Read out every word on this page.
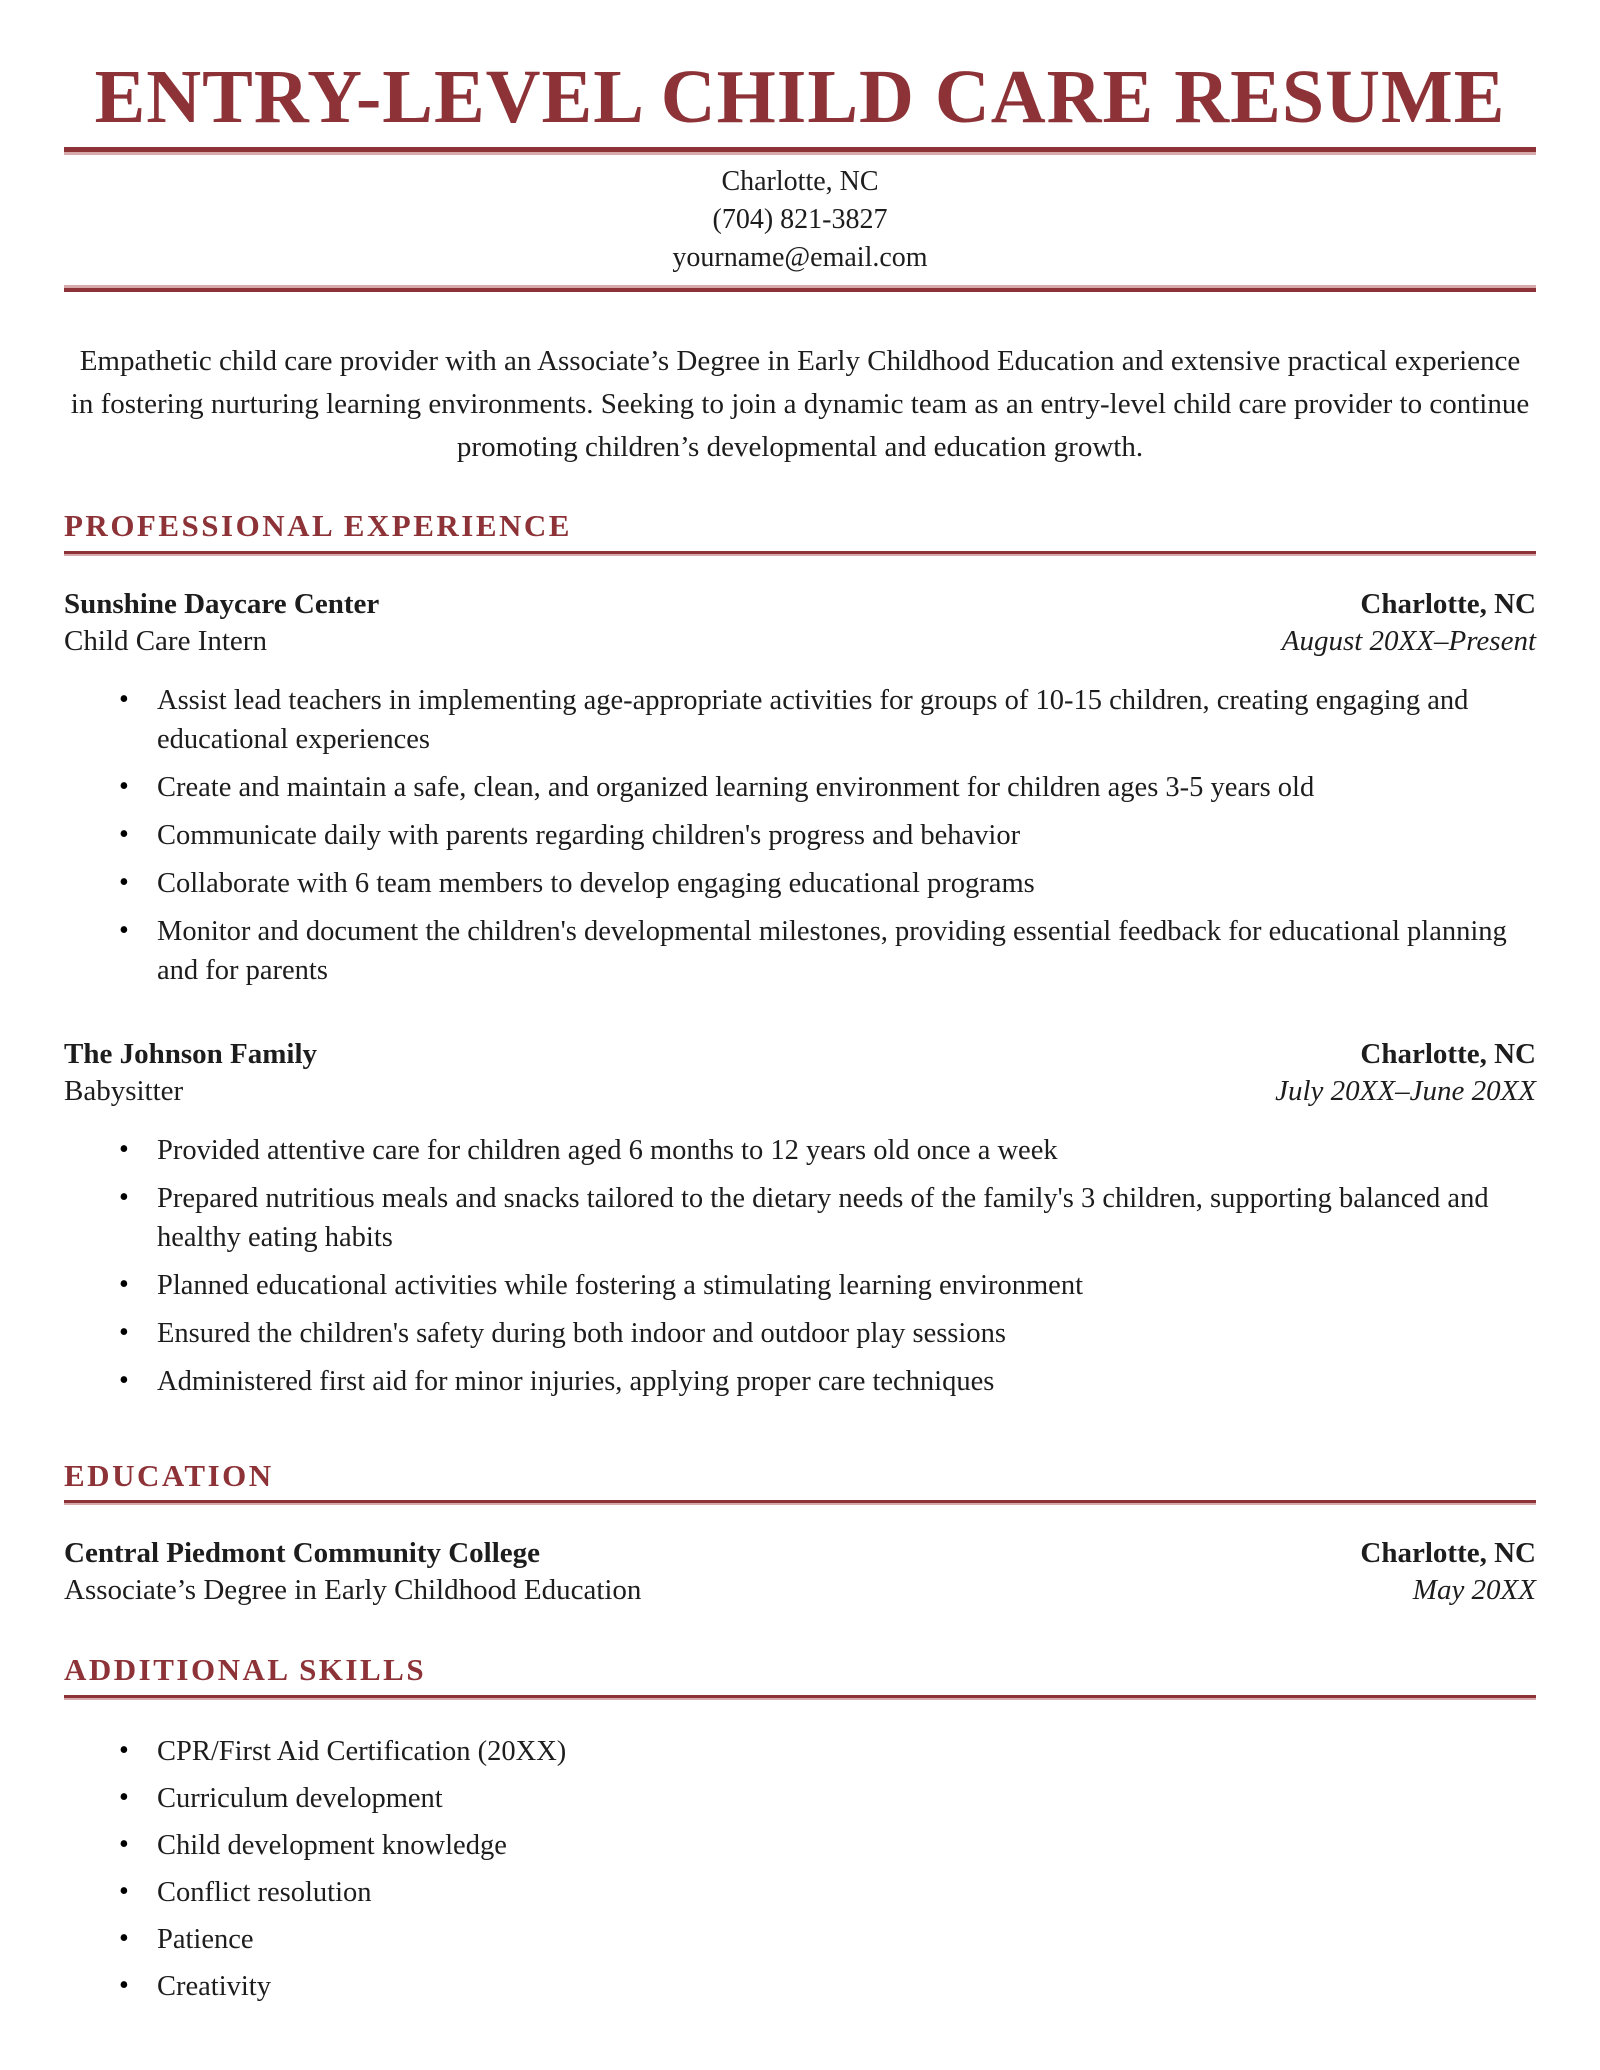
ENTRY-LEVEL CHILD CARE RESUME
Charlotte, NC
(704) 821-3827
yourname@email.com

Empathetic child care provider with an Associate’s Degree in Early Childhood Education and extensive practical experience in fostering nurturing learning environments. Seeking to join a dynamic team as an entry-level child care provider to continue promoting children’s developmental and education growth.

PROFESSIONAL EXPERIENCE
Sunshine Daycare Center	Charlotte, NC
Child Care Intern	August 20XX–Present
• Assist lead teachers in implementing age-appropriate activities for groups of 10-15 children, creating engaging and educational experiences
• Create and maintain a safe, clean, and organized learning environment for children ages 3-5 years old
• Communicate daily with parents regarding children's progress and behavior
• Collaborate with 6 team members to develop engaging educational programs
• Monitor and document the children's developmental milestones, providing essential feedback for educational planning and for parents
The Johnson Family	Charlotte, NC
Babysitter	July 20XX–June 20XX
• Provided attentive care for children aged 6 months to 12 years old once a week
• Prepared nutritious meals and snacks tailored to the dietary needs of the family's 3 children, supporting balanced and healthy eating habits
• Planned educational activities while fostering a stimulating learning environment
• Ensured the children's safety during both indoor and outdoor play sessions
• Administered first aid for minor injuries, applying proper care techniques
EDUCATION
Central Piedmont Community College	Charlotte, NC
Associate’s Degree in Early Childhood Education	May 20XX
ADDITIONAL SKILLS
• CPR/First Aid Certification (20XX)
• Curriculum development
• Child development knowledge
• Conflict resolution
• Patience
• Creativity
